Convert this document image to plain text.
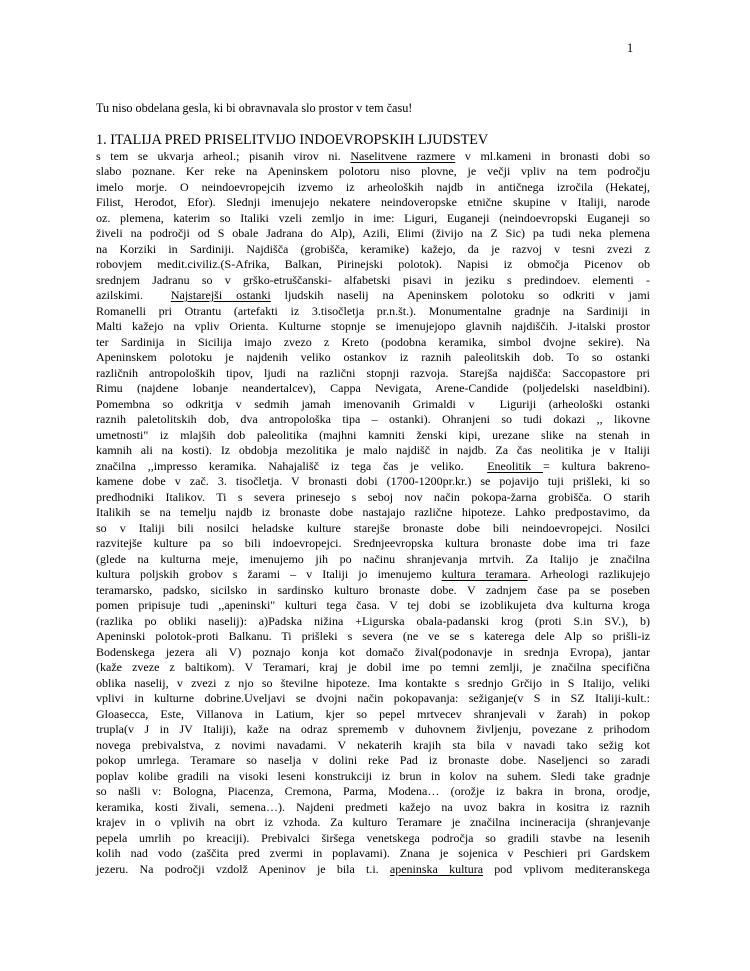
1

Tu niso obdelana gesla, ki bi obravnavala slo prostor v tem času!

1. ITALIJA PRED PRISELITVIJO INDOEVROPSKIH LJUDSTEV
s tem se ukvarja arheol.; pisanih virov ni. Naselitvene razmere v ml.kameni in bronasti dobi so
slabo poznane. Ker reke na Apeninskem polotoru niso plovne, je večji vpliv na tem področju
imelo morje. O neindoevropejcih izvemo iz arheoloških najdb in antičnega izročila (Hekatej,
Filist, Herodot, Efor). Slednji imenujejo nekatere neindoveropske etnične skupine v Italiji, narode
oz. plemena, katerim so Italiki vzeli zemljo in ime: Liguri, Euganeji (neindoevropski Euganeji so
živeli na področji od S obale Jadrana do Alp), Azili, Elimi (živijo na Z Sic) pa tudi neka plemena
na Korziki in Sardiniji. Najdišča (grobišča, keramike) kažejo, da je razvoj v tesni zvezi z
robovjem medit.civiliz.(S-Afrika, Balkan, Pirinejski polotok). Napisi iz območja Picenov ob
srednjem Jadranu so v grško-etruščanski- alfabetski pisavi in jeziku s predindoev. elementi -
azilskimi.  Najstarejši ostanki ljudskih naselij na Apeninskem polotoku so odkriti v jami
Romanelli pri Otrantu (artefakti iz 3.tisočletja pr.n.št.). Monumentalne gradnje na Sardiniji in
Malti kažejo na vpliv Orienta. Kulturne stopnje se imenujejopo glavnih najdiščih. J-italski prostor
ter Sardinija in Sicilija imajo zvezo z Kreto (podobna keramika, simbol dvojne sekire). Na
Apeninskem polotoku je najdenih veliko ostankov iz raznih paleolitskih dob. To so ostanki
različnih antropoloških tipov, ljudi na različni stopnji razvoja. Starejša najdišča: Saccopastore pri
Rimu (najdene lobanje neandertalcev), Cappa Nevigata, Arene-Candide (poljedelski naseldbini).
Pomembna so odkritja v sedmih jamah imenovanih Grimaldi v  Liguriji (arheološki ostanki
raznih paletolitskih dob, dva antropološka tipa – ostanki). Ohranjeni so tudi dokazi ,, likovne
umetnosti" iz mlajših dob paleolitika (majhni kamniti ženski kipi, urezane slike na stenah in
kamnih ali na kosti). Iz obdobja mezolitika je malo najdišč in najdb. Za čas neolitika je v Italiji
značilna ,,impresso keramika. Nahajališč iz tega čas je veliko.  Eneolitik = kultura bakreno-
kamene dobe v zač. 3. tisočletja. V bronasti dobi (1700-1200pr.kr.) se pojavijo tuji prišleki, ki so
predhodniki Italikov. Ti s severa prinesejo s seboj nov način pokopa-žarna grobišča. O starih
Italikih se na temelju najdb iz bronaste dobe nastajajo različne hipoteze. Lahko predpostavimo, da
so v Italiji bili nosilci heladske kulture starejše bronaste dobe bili neindoevropejci. Nosilci
razvitejše kulture pa so bili indoevropejci. Srednjeevropska kultura bronaste dobe ima tri faze
(glede na kulturna meje, imenujemo jih po načinu shranjevanja mrtvih. Za Italijo je značilna
kultura poljskih grobov s žarami – v Italiji jo imenujemo kultura teramara. Arheologi razlikujejo
teramarsko, padsko, sicilsko in sardinsko kulturo bronaste dobe. V zadnjem čase pa se poseben
pomen pripisuje tudi ,,apeninski" kulturi tega časa. V tej dobi se izoblikujeta dva kulturna kroga
(razlika po obliki naselij): a)Padska nižina +Ligurska obala-padanski krog (proti S.in SV.), b)
Apeninski polotok-proti Balkanu. Ti prišleki s severa (ne ve se s katerega dele Alp so prišli-iz
Bodenskega jezera ali V) poznajo konja kot domačo žival(podonavje in srednja Evropa), jantar
(kaže zveze z baltikom). V Teramari, kraj je dobil ime po temni zemlji, je značilna specifična
oblika naselij, v zvezi z njo so številne hipoteze. Ima kontakte s srednjo Grčijo in S Italijo, veliki
vplivi in kulturne dobrine.Uveljavi se dvojni način pokopavanja: sežiganje(v S in SZ Italiji-kult.:
Gloasecca, Este, Villanova in Latium, kjer so pepel mrtvecev shranjevali v žarah) in pokop
trupla(v J in JV Italiji), kaže na odraz sprememb v duhovnem življenju, povezane z prihodom
novega prebivalstva, z novimi navadami. V nekaterih krajih sta bila v navadi tako sežig kot
pokop umrlega. Teramare so naselja v dolini reke Pad iz bronaste dobe. Naseljenci so zaradi
poplav kolibe gradili na visoki leseni konstrukciji iz brun in kolov na suhem. Sledi take gradnje
so našli v: Bologna, Piacenza, Cremona, Parma, Modena… (orožje iz bakra in brona, orodje,
keramika, kosti živali, semena…). Najdeni predmeti kažejo na uvoz bakra in kositra iz raznih
krajev in o vplivih na obrt iz vzhoda. Za kulturo Teramare je značilna incineracija (shranjevanje
pepela umrlih po kreaciji). Prebivalci širšega venetskega področja so gradili stavbe na lesenih
kolih nad vodo (zaščita pred zvermi in poplavami). Znana je sojenica v Peschieri pri Gardskem
jezeru. Na področji vzdolž Apeninov je bila t.i. apeninska kultura pod vplivom mediteranskega
